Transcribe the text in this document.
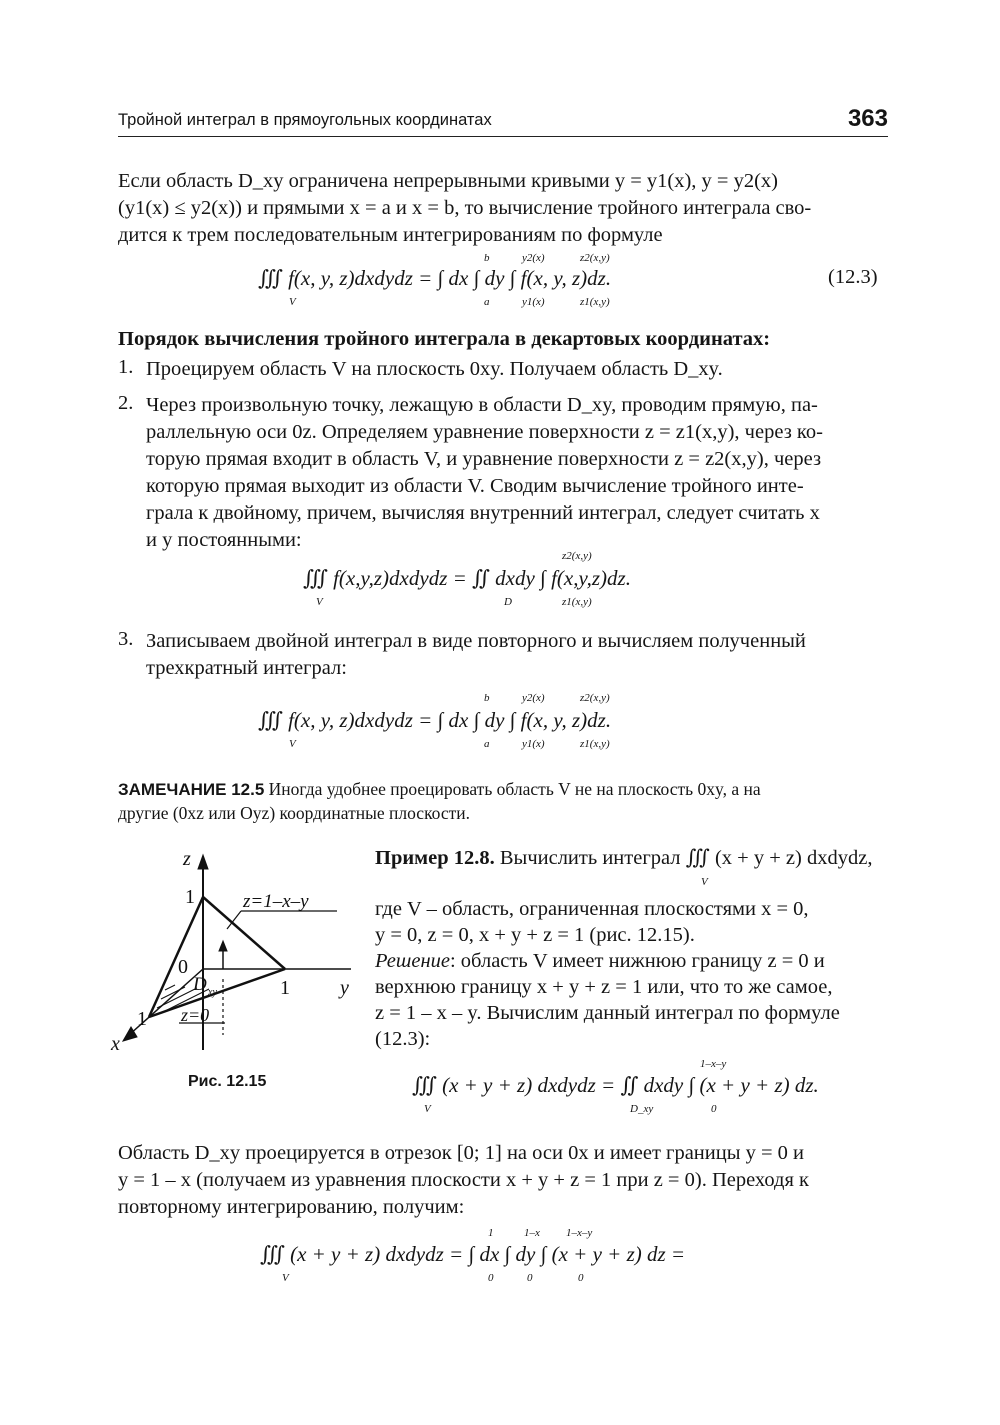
Тройной интеграл в прямоугольных координатах	363
Если область D_xy ограничена непрерывными кривыми y = y1(x), y = y2(x)
(y1(x) ≤ y2(x)) и прямыми x = a и x = b, то вычисление тройного интеграла сво-
дится к трем последовательным интегрированиям по формуле
∭ f(x, y, z)dxdydz = ∫ dx ∫ dy ∫ f(x, y, z)dz.
V
b
a
y2(x)
y1(x)
z2(x,y)
z1(x,y)
(12.3)
Порядок вычисления тройного интеграла в декартовых координатах:
1. Проецируем область V на плоскость 0xy. Получаем область D_xy.
2. Через произвольную точку, лежащую в области D_xy, проводим прямую, па-
раллельную оси 0z. Определяем уравнение поверхности z = z1(x,y), через ко-
торую прямая входит в область V, и уравнение поверхности z = z2(x,y), через
которую прямая выходит из области V. Сводим вычисление тройного инте-
грала к двойному, причем, вычисляя внутренний интеграл, следует считать x
и y постоянными:
∭ f(x,y,z)dxdydz = ∬ dxdy ∫ f(x,y,z)dz.
V	D
z2(x,y)
z1(x,y)
3. Записываем двойной интеграл в виде повторного и вычисляем полученный
трехкратный интеграл:
∭ f(x, y, z)dxdydz = ∫ dx ∫ dy ∫ f(x, y, z)dz.
V
b
a
y2(x)
y1(x)
z2(x,y)
z1(x,y)
ЗАМЕЧАНИЕ 12.5 Иногда удобнее проецировать область V не на плоскость 0xy, а на
другие (0xz или Oyz) координатные плоскости.
z
1
0
1	y
1
x
z=1–x–y
z=0
D xy
Рис. 12.15
Пример 12.8. Вычислить интеграл ∭ (x + y + z) dxdydz,
V
где V – область, ограниченная плоскостями x = 0,
y = 0, z = 0, x + y + z = 1 (рис. 12.15).
Решение: область V имеет нижнюю границу z = 0 и
верхнюю границу x + y + z = 1 или, что то же самое,
z = 1 – x – y. Вычислим данный интеграл по формуле
(12.3):
∭ (x + y + z) dxdydz = ∬ dxdy ∫ (x + y + z) dz.
V	D_xy
1–x–y
0
Область D_xy проецируется в отрезок [0; 1] на оси 0x и имеет границы y = 0 и
y = 1 – x (получаем из уравнения плоскости x + y + z = 1 при z = 0). Переходя к
повторному интегрированию, получим:
∭ (x + y + z) dxdydz = ∫ dx ∫ dy ∫ (x + y + z) dz =
V
1
0
1–x
0
1–x–y
0
